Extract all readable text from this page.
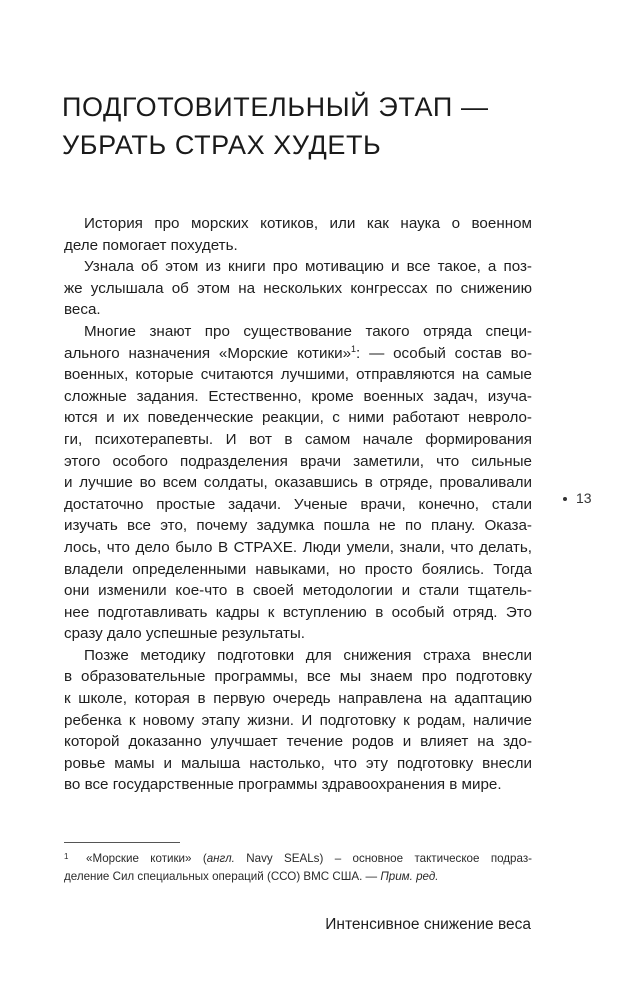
ПОДГОТОВИТЕЛЬНЫЙ ЭТАП —
УБРАТЬ СТРАХ ХУДЕТЬ
История про морских котиков, или как наука о военном
деле помогает похудеть.
Узнала об этом из книги про мотивацию и все такое, а поз-
же услышала об этом на нескольких конгрессах по снижению
веса.
Многие знают про существование такого отряда специ-
ального назначения «Морские котики»$^1$: — особый состав во-
военных, которые считаются лучшими, отправляются на самые
сложные задания. Естественно, кроме военных задач, изуча-
ются и их поведенческие реакции, с ними работают невроло-
ги, психотерапевты. И вот в самом начале формирования
этого особого подразделения врачи заметили, что сильные
и лучшие во всем солдаты, оказавшись в отряде, проваливали
достаточно простые задачи. Ученые врачи, конечно, стали
изучать все это, почему задумка пошла не по плану. Оказа-
лось, что дело было В СТРАХЕ. Люди умели, знали, что делать,
владели определенными навыками, но просто боялись. Тогда
они изменили кое-что в своей методологии и стали тщатель-
нее подготавливать кадры к вступлению в особый отряд. Это
сразу дало успешные результаты.
Позже методику подготовки для снижения страха внесли
в образовательные программы, все мы знаем про подготовку
к школе, которая в первую очередь направлена на адаптацию
ребенка к новому этапу жизни. И подготовку к родам, наличие
которой доказанно улучшает течение родов и влияет на здо-
ровье мамы и малыша настолько, что эту подготовку внесли
во все государственные программы здравоохранения в мире.
13
1	«Морские котики» (англ. Navy SEALs) – основное тактическое подраз-
деление Сил специальных операций (ССО) ВМС США. — Прим. ред.
Интенсивное снижение веса
